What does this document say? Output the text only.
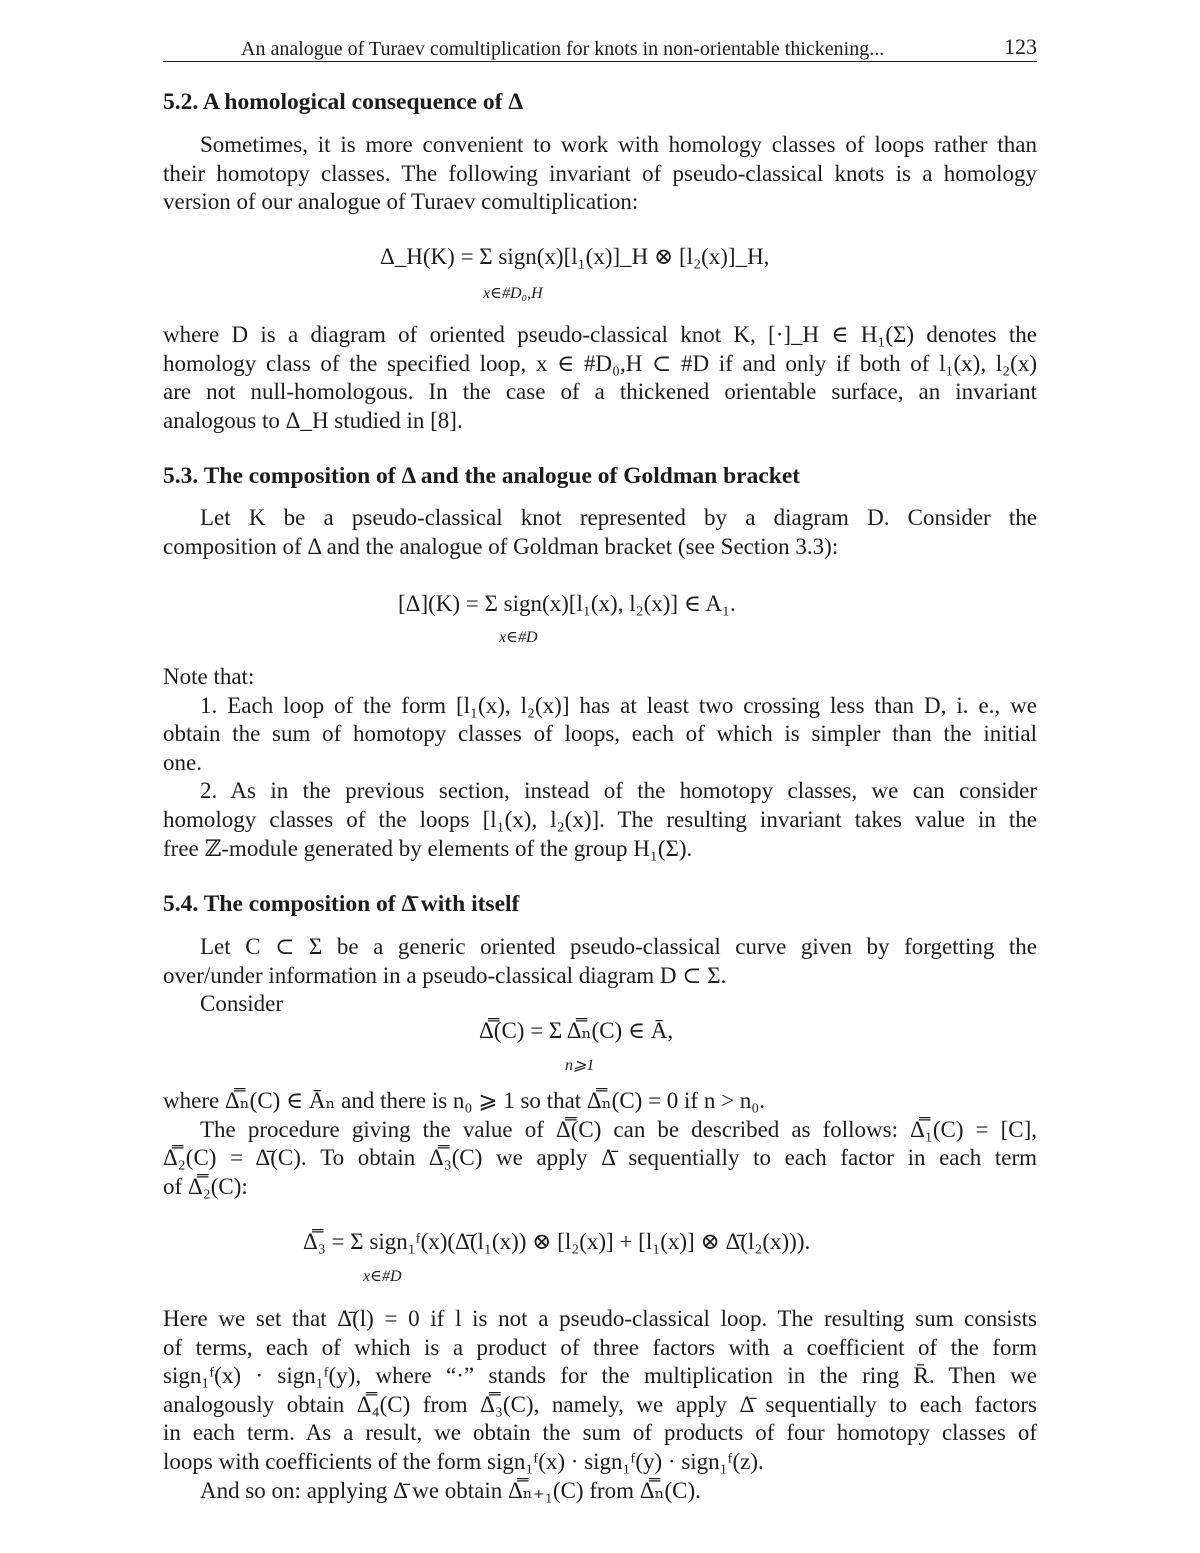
An analogue of Turaev comultiplication for knots in non-orientable thickening...	123
5.2. A homological consequence of Δ
Sometimes, it is more convenient to work with homology classes of loops rather than
their homotopy classes. The following invariant of pseudo-classical knots is a homology
version of our analogue of Turaev comultiplication:
Δ_H(K) = Σ sign(x)[l₁(x)]_H ⊗ [l₂(x)]_H,
x∈#D₀,H
where D is a diagram of oriented pseudo-classical knot K, [·]_H ∈ H₁(Σ) denotes the
homology class of the specified loop, x ∈ #D₀,H ⊂ #D if and only if both of l₁(x), l₂(x)
are not null-homologous. In the case of a thickened orientable surface, an invariant
analogous to Δ_H studied in [8].
5.3. The composition of Δ and the analogue of Goldman bracket
Let K be a pseudo-classical knot represented by a diagram D. Consider the
composition of Δ and the analogue of Goldman bracket (see Section 3.3):
[Δ](K) = Σ sign(x)[l₁(x), l₂(x)] ∈ A₁.
x∈#D
Note that:
1. Each loop of the form [l₁(x), l₂(x)] has at least two crossing less than D, i. e., we
obtain the sum of homotopy classes of loops, each of which is simpler than the initial
one.
2. As in the previous section, instead of the homotopy classes, we can consider
homology classes of the loops [l₁(x), l₂(x)]. The resulting invariant takes value in the
free ℤ-module generated by elements of the group H₁(Σ).
5.4. The composition of Δ̄ with itself
Let C ⊂ Σ be a generic oriented pseudo-classical curve given by forgetting the
over/under information in a pseudo-classical diagram D ⊂ Σ.
Consider
Δ̿(C) = Σ Δ̿ₙ(C) ∈ Ā,
n⩾1
where Δ̿ₙ(C) ∈ Āₙ and there is n₀ ⩾ 1 so that Δ̿ₙ(C) = 0 if n > n₀.
The procedure giving the value of Δ̿(C) can be described as follows: Δ̿₁(C) = [C],
Δ̿₂(C) = Δ̄(C). To obtain Δ̿₃(C) we apply Δ̄ sequentially to each factor in each term
of Δ̿₂(C):
Δ̿₃ = Σ sign₁ᶠ(x)(Δ̄(l₁(x)) ⊗ [l₂(x)] + [l₁(x)] ⊗ Δ̄(l₂(x))).
x∈#D
Here we set that Δ̄(l) = 0 if l is not a pseudo-classical loop. The resulting sum consists
of terms, each of which is a product of three factors with a coefficient of the form
sign₁ᶠ(x) · sign₁ᶠ(y), where “·” stands for the multiplication in the ring R̄. Then we
analogously obtain Δ̿₄(C) from Δ̿₃(C), namely, we apply Δ̄ sequentially to each factors
in each term. As a result, we obtain the sum of products of four homotopy classes of
loops with coefficients of the form sign₁ᶠ(x) · sign₁ᶠ(y) · sign₁ᶠ(z).
And so on: applying Δ̄ we obtain Δ̿ₙ₊₁(C) from Δ̿ₙ(C).
